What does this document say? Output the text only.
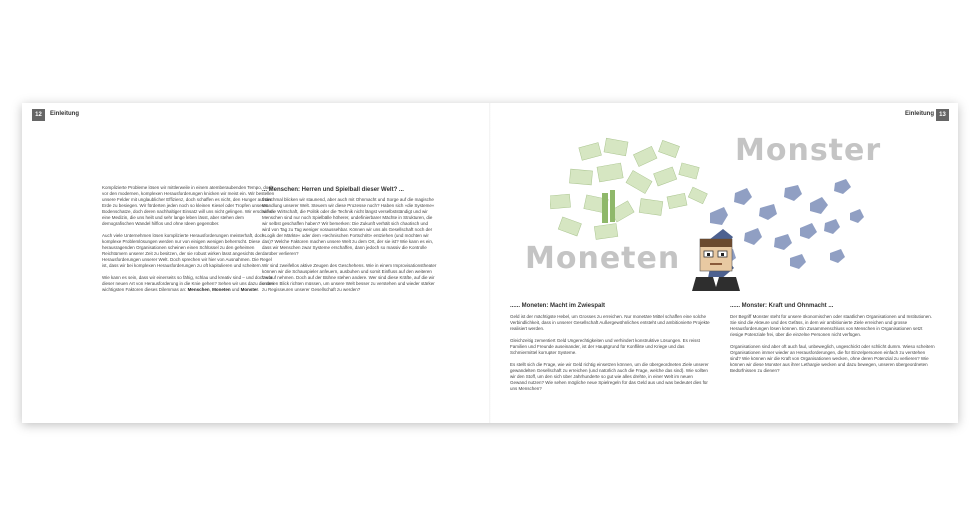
12	Einleitung

Komplizierte Probleme lösen wir mittlerweile in einem atemberaubenden Tempo, doch vor den modernen, komplexen Herausforderungen knicken wir meist ein. Wir bestellen unsere Felder mit unglaublicher Effizienz, doch schaffen es nicht, den Hunger auf der Erde zu besiegen. Wir förderten jeden noch so kleinen Kiesel oder Tropfen unseres Bodenschatze, doch deren nachhaltiger Einsatz will uns nicht gelingen. Wir erschaffen eine Medizin, die uns heilt und sehr lange leben lässt, aber stehen dem demografischen Wandel hilflos und ohne Ideen gegenüber.

Auch viele Unternehmen lösen komplizierte Herausforderungen meisterhaft, doch komplexe Problemlösungen werden nur von einigen wenigen beherrscht. Diese herausragenden Organisationen scheinen einen Schlüssel zu den geheimen Reichtümern unserer Zeit zu besitzen, der sie robust wirken lässt angesichts der Herausforderungen unserer Welt. Doch sprechen wir hier von Ausnahmen. Die Regel ist, dass wir bei komplexen Herausforderungen zu oft kapitulieren und scheitern.

Wie kann es sein, dass wir einerseits so fähig, schlau und kreativ sind – und doch vor dieser neuen Art von Herausforderung in die Knie gehen? Sehen wir uns dazu die drei wichtigsten Faktoren dieses Dilemmas an: Menschen, Moneten und Monster.

... Menschen: Herren und Spielball dieser Welt? ...

Manchmal blicken wir staunend, aber auch mit Ohnmacht und Sorge auf die magische Wandlung unserer Welt. Steuern wir diese Prozesse noch? Haben sich »die Systeme« wie die Wirtschaft, die Politik oder die Technik nicht längst verselbstständigt und wir Menschen sind nur noch Spielbälle höherer, undefinierbarer Mächte in Strukturen, die wir selbst geschaffen haben? Wir bemerken: Die Zukunft verhält sich chaotisch und wird von Tag zu Tag weniger voraussehbar. Können wir uns als Gesellschaft noch der »Logik der Märkte« oder dem »technischen Fortschritt« entziehen (und möchten wir das)? Welche Faktoren machen unsere Welt zu dem Ort, der sie ist? Wie kann es ein, dass wir Menschen zwar Systeme erschaffen, dann jedoch so massiv die Kontrolle darüber verlieren?

Wir sind zweifellos aktive Zeugen des Geschehens. Wie in einem Improvisationstheater können wir die Schauspieler anfeuern, ausbuhen und somit Einfluss auf den weiteren Verlauf nehmen. Doch auf der Bühne stehen andere. Wer sind diese Kräfte, auf die wir unseren Blick richten müssen, um unsere Welt besser zu verstehen und wieder stärker zu Regisseuren unserer Gesellschaft zu werden?

Einleitung 13
Monster
Moneten
...... Moneten: Macht im Zwiespalt

Geld ist der mächtigste Hebel, um Grosses zu erreichen. Nur monetäre Mittel schaffen eine solche Verbindlichkeit, dass in unserer Gesellschaft Außergewöhnliches entsteht und ambitionierte Projekte realisiert werden.

Gleichzeitig zementiert Geld Ungerechtigkeiten und verhindert konstruktive Lösungen. Es reisst Familien und Freunde auseinander, ist der Hauptgrund für Konflikte und Kriege und das Schmiermittel korrupter Systeme.

Es stellt sich die Frage, wie wir Geld richtig einsetzen können, um die übergeordneten Ziele unserer gewandelten Gesellschaft zu erreichen (und natürlich auch die Frage, welche das sind). Wie sollten wir den Stoff, um den sich über Jahrhunderte so gut wie alles drehte, in einer Welt im neuen Gewand nutzen? Wie sehen mögliche neue Spielregeln für das Geld aus und was bedeutet dies für uns Menschen?

...... Monster: Kraft und Ohnmacht ...

Der Begriff Monster steht für unsere ökonomischen oder staatlichen Organisationen und Institutionen. Sie sind die Akteure und des Gefäss, in dem wir ambitionierte Ziele erreichen und grosse Herausforderungen lösen können. Ein Zusammenschluss von Menschen in Organisationen setzt riesige Potenziale frei, über die einzelne Personen nicht verfügen.

Organisationen sind aber oft auch faul, unbeweglich, ungeschickt oder schlicht dumm. Wieso scheitern Organisationen immer wieder an Herausforderungen, die für Einzelpersonen einfach zu verstehen sind? Wie können wir die Kraft von Organisationen wecken, ohne deren Potenzial zu verlieren? Wie können wir diese Monster aus ihrer Lethargie wecken und dazu bewegen, unseren übergeordneten Bedürfnissen zu dienen?
